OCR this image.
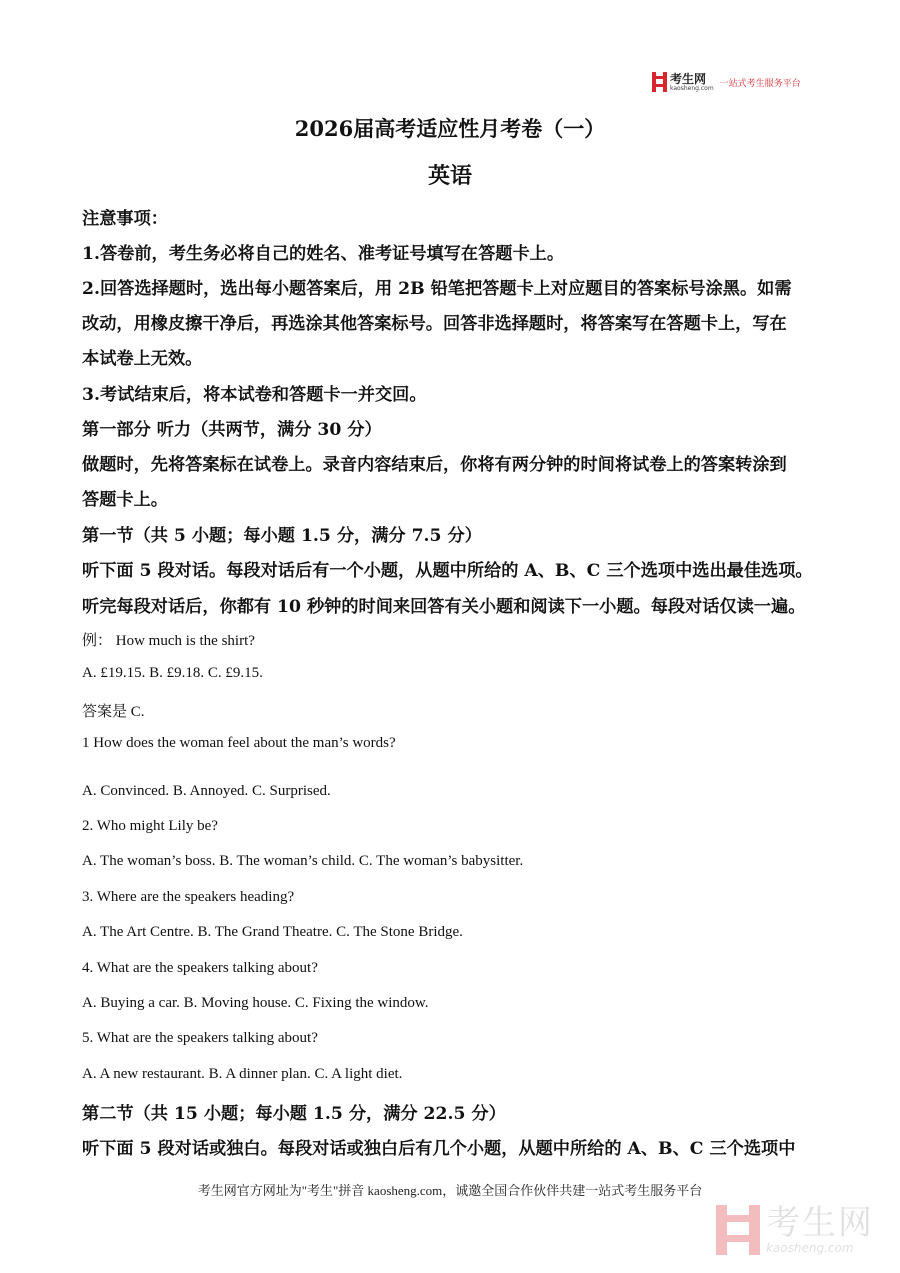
考生网
kaosheng.com 一站式考生服务平台
2026届高考适应性月考卷（一）
英语

注意事项：

1.答卷前，考生务必将自己的姓名、准考证号填写在答题卡上。

2.回答选择题时，选出每小题答案后，用 2B 铅笔把答题卡上对应题目的答案标号涂黑。如需

改动，用橡皮擦干净后，再选涂其他答案标号。回答非选择题时，将答案写在答题卡上，写在

本试卷上无效。

3.考试结束后，将本试卷和答题卡一并交回。

第一部分 听力（共两节，满分 30 分）

做题时，先将答案标在试卷上。录音内容结束后，你将有两分钟的时间将试卷上的答案转涂到

答题卡上。

第一节（共 5 小题；每小题 1.5 分，满分 7.5 分）

听下面 5 段对话。每段对话后有一个小题，从题中所给的 A、B、C 三个选项中选出最佳选项。

听完每段对话后，你都有 10 秒钟的时间来回答有关小题和阅读下一小题。每段对话仅读一遍。

例： How much is the shirt?

A. £19.15. B. £9.18. C. £9.15.

答案是 C.

1 How does the woman feel about the man’s words?

A. Convinced. B. Annoyed. C. Surprised.

2. Who might Lily be?

A. The woman’s boss. B. The woman’s child. C. The woman’s babysitter.

3. Where are the speakers heading?

A. The Art Centre. B. The Grand Theatre. C. The Stone Bridge.

4. What are the speakers talking about?

A. Buying a car. B. Moving house. C. Fixing the window.

5. What are the speakers talking about?

A. A new restaurant. B. A dinner plan. C. A light diet.

第二节（共 15 小题；每小题 1.5 分，满分 22.5 分）

听下面 5 段对话或独白。每段对话或独白后有几个小题，从题中所给的 A、B、C 三个选项中

考生网官方网址为"考生"拼音 kaosheng.com，诚邀全国合作伙伴共建一站式考生服务平台
考生网
kaosheng.com
